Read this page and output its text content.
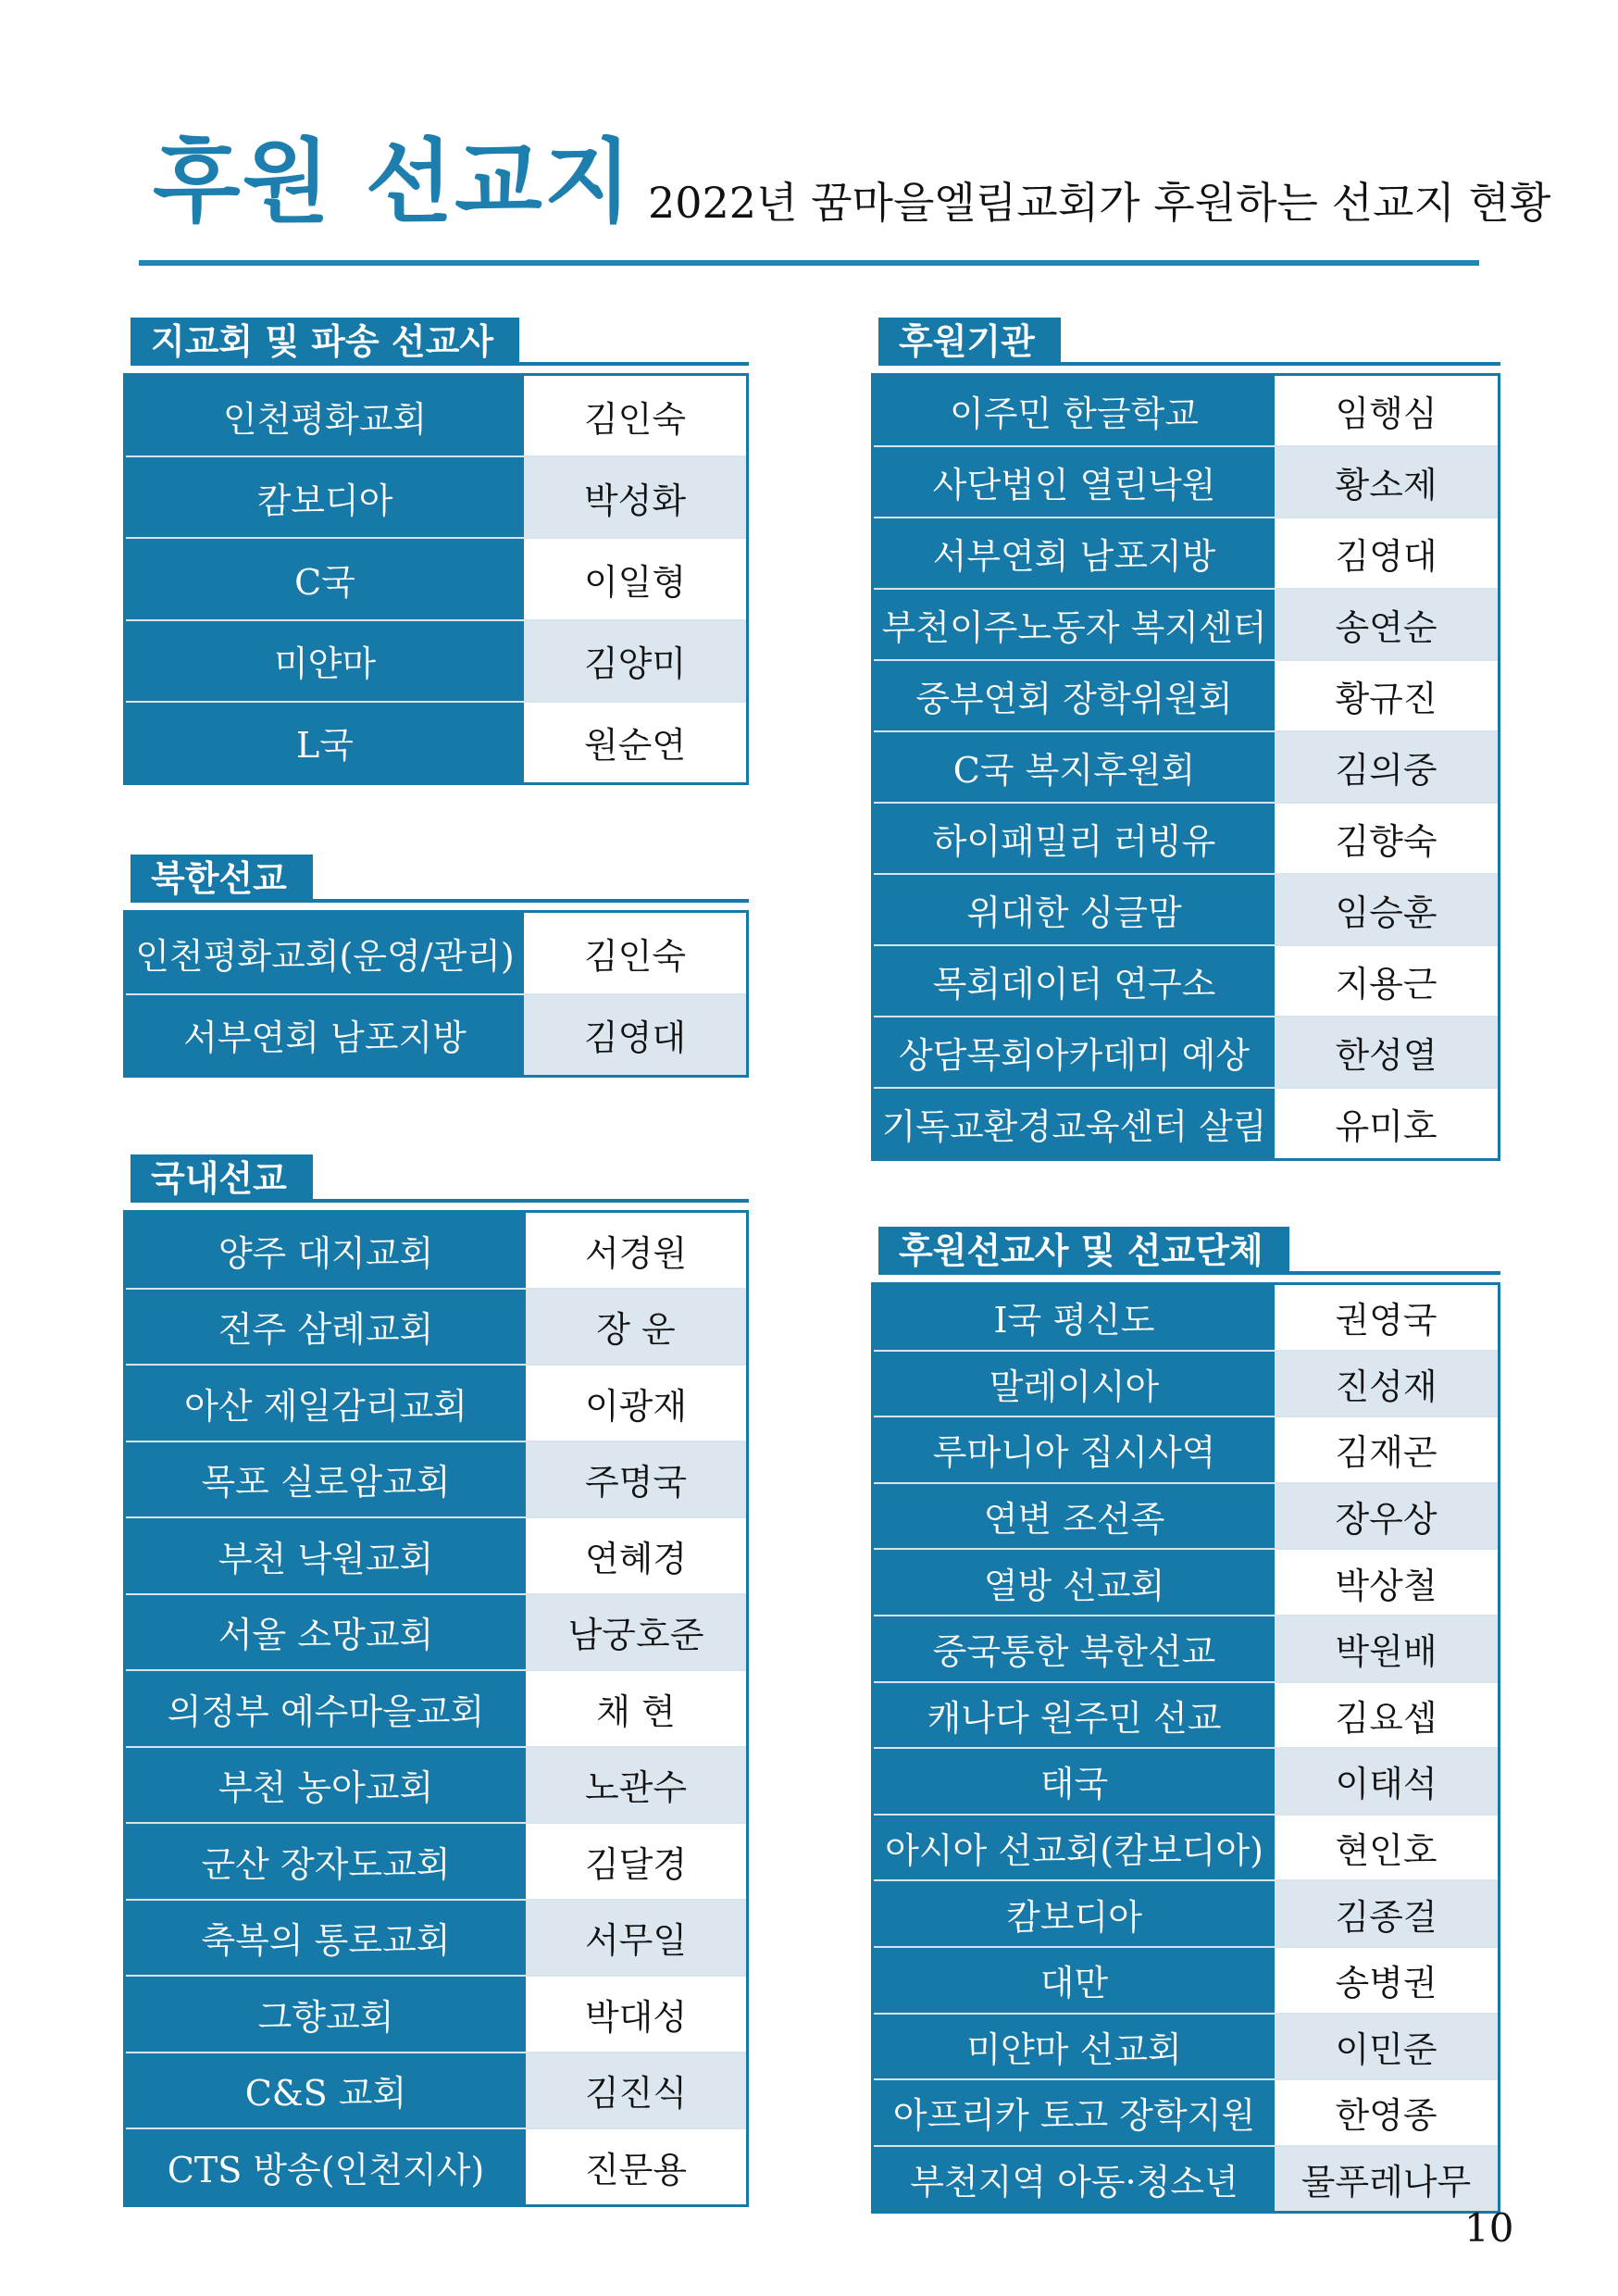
후원 선교지 2022년 꿈마을엘림교회가 후원하는 선교지 현황
지교회 및 파송 선교사
인천평화교회	김인숙
캄보디아	박성화
C국	이일형
미얀마	김양미
L국	원순연
북한선교
인천평화교회(운영/관리)	김인숙
서부연회 남포지방	김영대
국내선교
양주 대지교회	서경원
전주 삼례교회	장 운
아산 제일감리교회	이광재
목포 실로암교회	주명국
부천 낙원교회	연혜경
서울 소망교회	남궁호준
의정부 예수마을교회	채 현
부천 농아교회	노관수
군산 장자도교회	김달경
축복의 통로교회	서무일
그향교회	박대성
C&S 교회	김진식
CTS 방송(인천지사)	진문용
후원기관
이주민 한글학교	임행심
사단법인 열린낙원	황소제
서부연회 남포지방	김영대
부천이주노동자 복지센터	송연순
중부연회 장학위원회	황규진
C국 복지후원회	김의중
하이패밀리 러빙유	김향숙
위대한 싱글맘	임승훈
목회데이터 연구소	지용근
상담목회아카데미 예상	한성열
기독교환경교육센터 살림	유미호
후원선교사 및 선교단체
I국 평신도	권영국
말레이시아	진성재
루마니아 집시사역	김재곤
연변 조선족	장우상
열방 선교회	박상철
중국통한 북한선교	박원배
캐나다 원주민 선교	김요셉
태국	이태석
아시아 선교회(캄보디아)	현인호
캄보디아	김종걸
대만	송병권
미얀마 선교회	이민준
아프리카 토고 장학지원	한영종
부천지역 아동·청소년	물푸레나무
10
